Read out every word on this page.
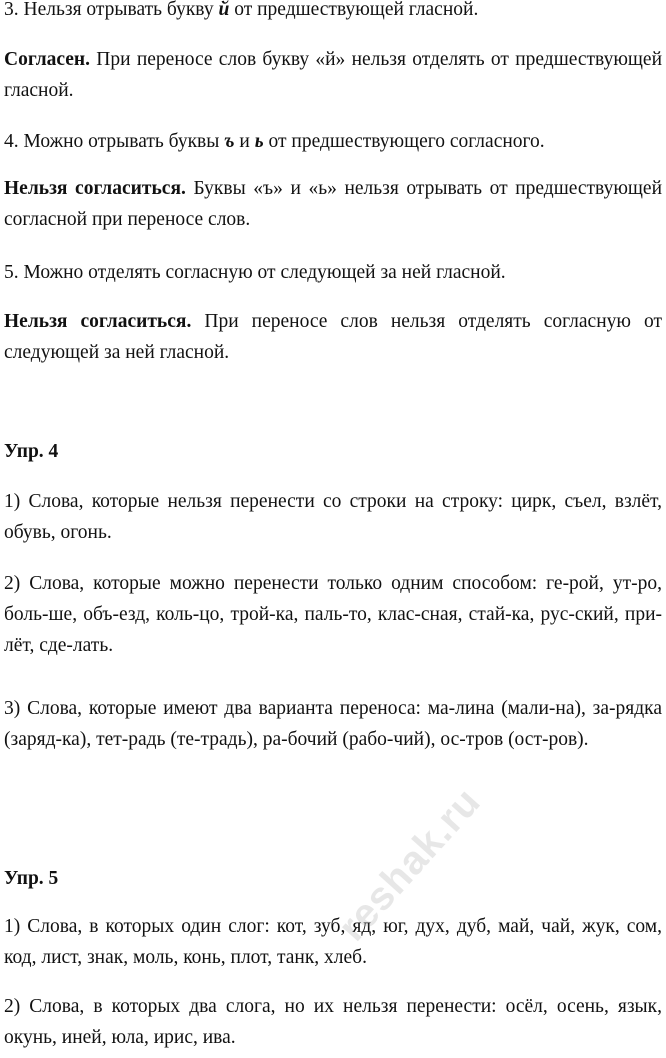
3. Нельзя отрывать букву й от предшествующей гласной.

Согласен. При переносе слов букву «й» нельзя отделять от предшествующей гласной.

4. Можно отрывать буквы ъ и ь от предшествующего согласного.

Нельзя согласиться. Буквы «ъ» и «ь» нельзя отрывать от предшествующей согласной при переносе слов.

5. Можно отделять согласную от следующей за ней гласной.

Нельзя согласиться. При переносе слов нельзя отделять согласную от следующей за ней гласной.

Упр. 4

1) Слова, которые нельзя перенести со строки на строку: цирк, съел, взлёт, обувь, огонь.

2) Слова, которые можно перенести только одним способом: ге-рой, ут-ро, боль-ше, объ-езд, коль-цо, трой-ка, паль-то, клас-сная, стай-ка, рус-ский, при-лёт, сде-лать.

3) Слова, которые имеют два варианта переноса: ма-лина (мали-на), за-рядка (заряд-ка), тет-радь (те-традь), ра-бочий (рабо-чий), ос-тров (ост-ров).

Упр. 5

1) Слова, в которых один слог: кот, зуб, яд, юг, дух, дуб, май, чай, жук, сом, код, лист, знак, моль, конь, плот, танк, хлеб.

2) Слова, в которых два слога, но их нельзя перенести: осёл, осень, язык, окунь, иней, юла, ирис, ива.

reshak.ru
